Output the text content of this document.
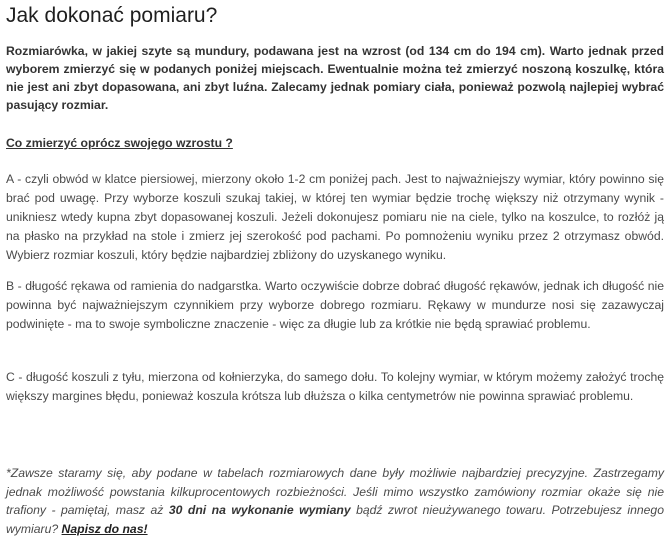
Jak dokonać pomiaru?

Rozmiarówka, w jakiej szyte są mundury, podawana jest na wzrost (od 134 cm do 194 cm). Warto jednak przed wyborem zmierzyć się w podanych poniżej miejscach. Ewentualnie można też zmierzyć noszoną koszulkę, która nie jest ani zbyt dopasowana, ani zbyt luźna. Zalecamy jednak pomiary ciała, ponieważ pozwolą najlepiej wybrać pasujący rozmiar.

Co zmierzyć oprócz swojego wzrostu ?

A - czyli obwód w klatce piersiowej, mierzony około 1-2 cm poniżej pach. Jest to najważniejszy wymiar, który powinno się brać pod uwagę. Przy wyborze koszuli szukaj takiej, w której ten wymiar będzie trochę większy niż otrzymany wynik - unikniesz wtedy kupna zbyt dopasowanej koszuli. Jeżeli dokonujesz pomiaru nie na ciele, tylko na koszulce, to rozłóż ją na płasko na przykład na stole i zmierz jej szerokość pod pachami. Po pomnożeniu wyniku przez 2 otrzymasz obwód. Wybierz rozmiar koszuli, który będzie najbardziej zbliżony do uzyskanego wyniku.

B - długość rękawa od ramienia do nadgarstka. Warto oczywiście dobrze dobrać długość rękawów, jednak ich długość nie powinna być najważniejszym czynnikiem przy wyborze dobrego rozmiaru. Rękawy w mundurze nosi się zazawyczaj podwinięte - ma to swoje symboliczne znaczenie - więc za długie lub za krótkie nie będą sprawiać problemu.

C - długość koszuli z tyłu, mierzona od kołnierzyka, do samego dołu. To kolejny wymiar, w którym możemy założyć trochę większy margines błędu, ponieważ koszula krótsza lub dłuższa o kilka centymetrów nie powinna sprawiać problemu.

*Zawsze staramy się, aby podane w tabelach rozmiarowych dane były możliwie najbardziej precyzyjne. Zastrzegamy jednak możliwość powstania kilkuprocentowych rozbieżności. Jeśli mimo wszystko zamówiony rozmiar okaże się nie trafiony - pamiętaj, masz aż 30 dni na wykonanie wymiany bądź zwrot nieużywanego towaru. Potrzebujesz innego wymiaru? Napisz do nas!
